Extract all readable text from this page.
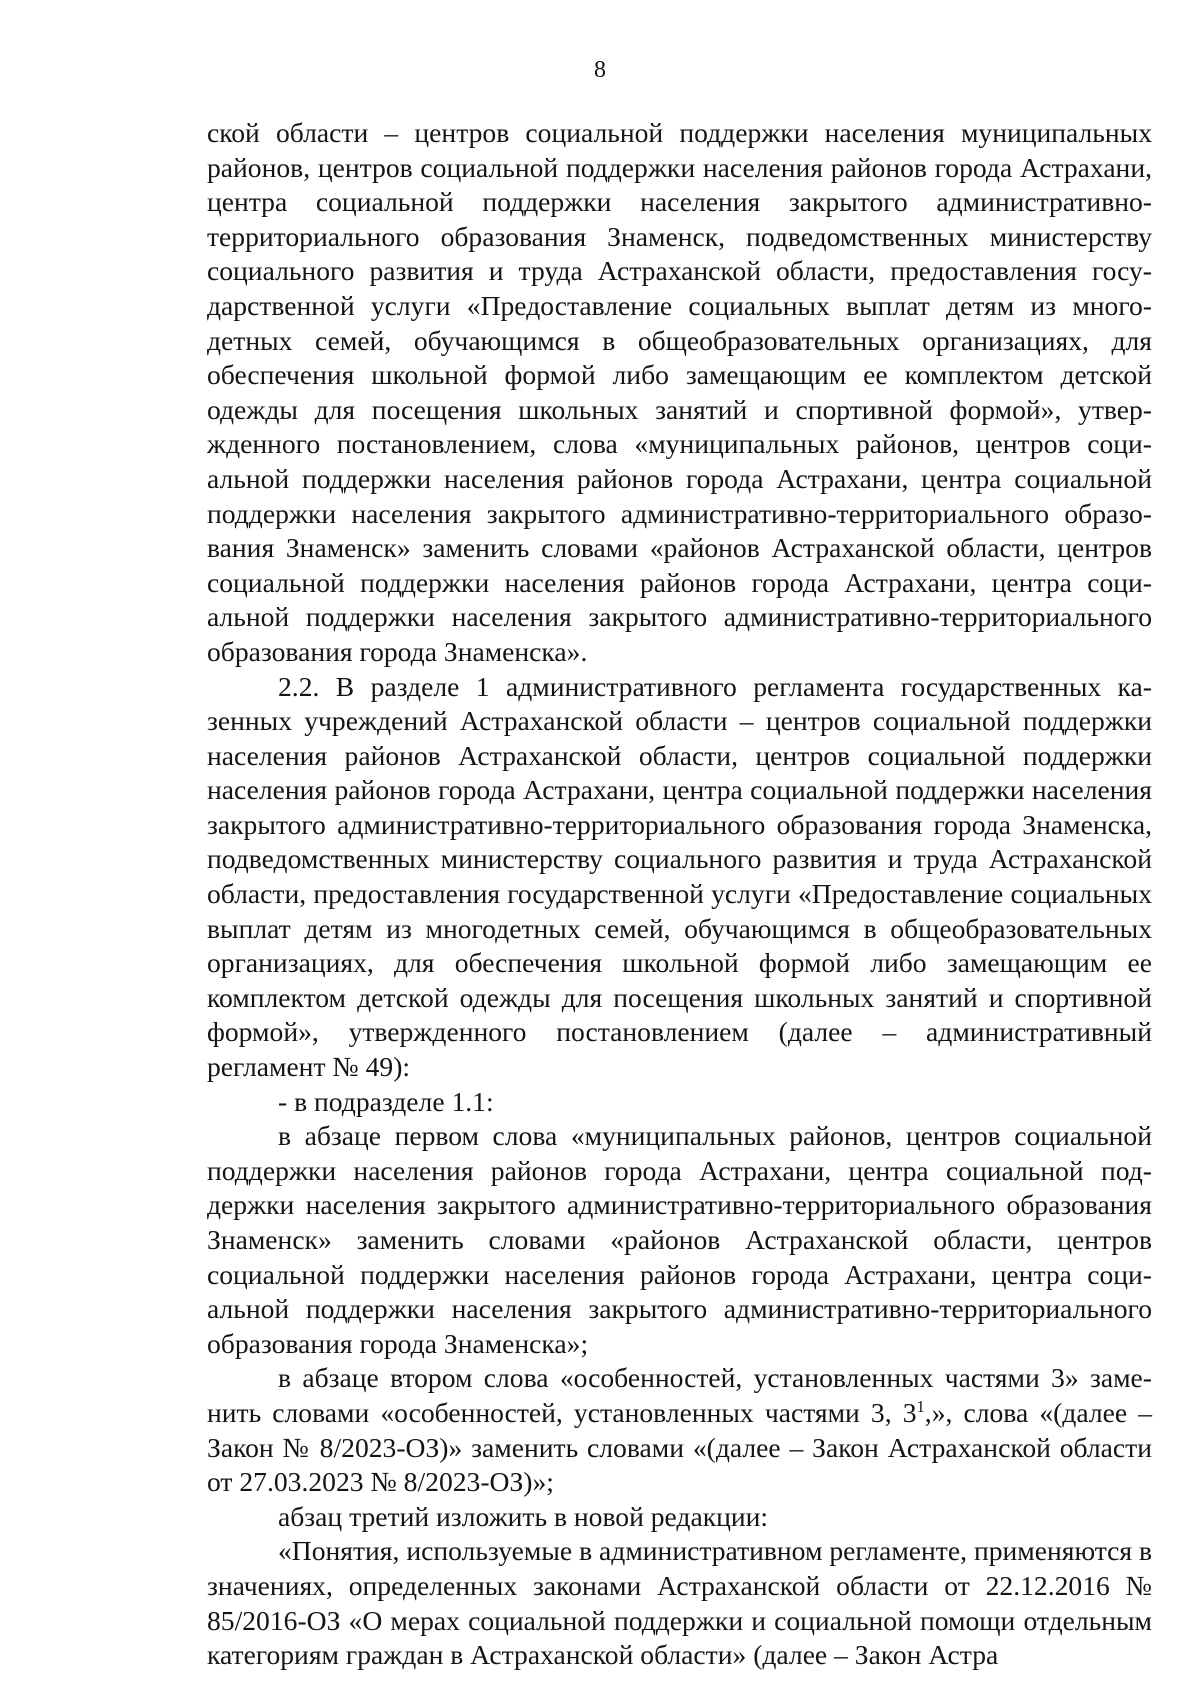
8

ской области – центров социальной поддержки населения муниципальных районов, центров социальной поддержки населения районов города Астрахани, центра социальной поддержки населения закрытого административно-территориального образования Знаменск, подведомственных министерству социального развития и труда Астраханской области, предоставления государственной услуги «Предоставление социальных выплат детям из многодетных семей, обучающимся в общеобразовательных организациях, для обеспечения школьной формой либо замещающим ее комплектом детской одежды для посещения школьных занятий и спортивной формой», утвержденного постановлением, слова «муниципальных районов, центров социальной поддержки населения районов города Астрахани, центра социальной поддержки населения закрытого административно-территориального образования Знаменск» заменить словами «районов Астраханской области, центров социальной поддержки населения районов города Астрахани, центра социальной поддержки населения закрытого административно-территориального образования города Знаменска».

2.2. В разделе 1 административного регламента государственных казенных учреждений Астраханской области – центров социальной поддержки населения районов Астраханской области, центров социальной поддержки населения районов города Астрахани, центра социальной поддержки населения закрытого административно-территориального образования города Знаменска, подведомственных министерству социального развития и труда Астраханской области, предоставления государственной услуги «Предоставление социальных выплат детям из многодетных семей, обучающимся в общеобразовательных организациях, для обеспечения школьной формой либо замещающим ее комплектом детской одежды для посещения школьных занятий и спортивной формой», утвержденного постановлением (далее – административный регламент № 49):

- в подразделе 1.1:

в абзаце первом слова «муниципальных районов, центров социальной поддержки населения районов города Астрахани, центра социальной поддержки населения закрытого административно-территориального образования Знаменск» заменить словами «районов Астраханской области, центров социальной поддержки населения районов города Астрахани, центра социальной поддержки населения закрытого административно-территориального образования города Знаменска»;

в абзаце втором слова «особенностей, установленных частями 3» заменить словами «особенностей, установленных частями 3, $3^1$,», слова «(далее – Закон № 8/2023-ОЗ)» заменить словами «(далее – Закон Астраханской области от 27.03.2023 № 8/2023-ОЗ)»;

абзац третий изложить в новой редакции:

«Понятия, используемые в административном регламенте, применяются в значениях, определенных законами Астраханской области от 22.12.2016 № 85/2016-ОЗ «О мерах социальной поддержки и социальной помощи отдельным категориям граждан в Астраханской области» (далее – Закон Астра
